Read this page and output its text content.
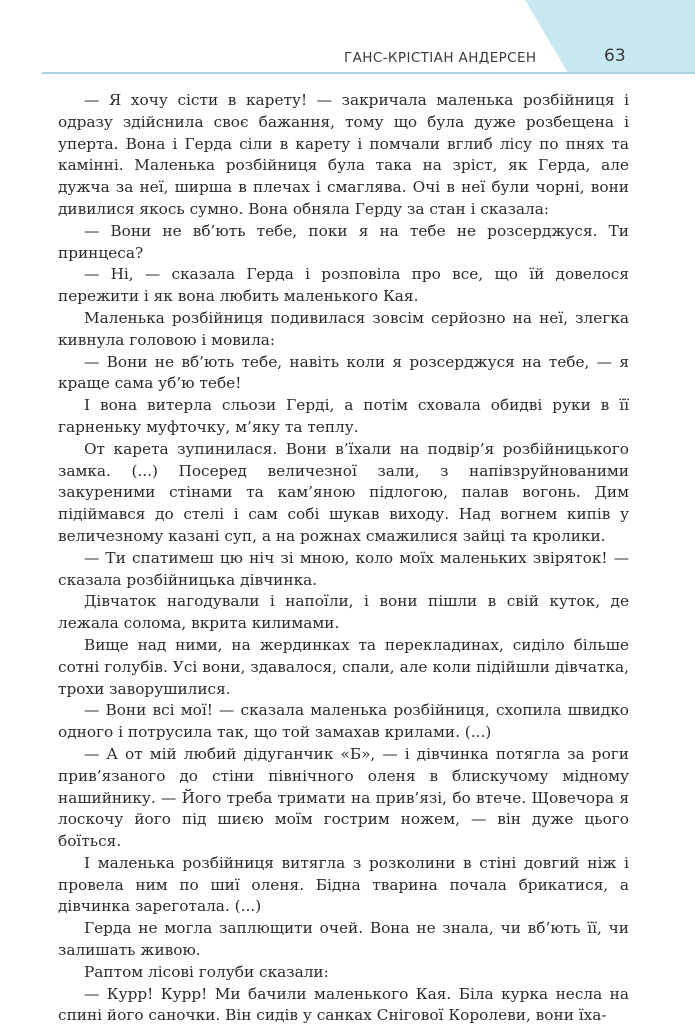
ГАНС-КРІСТІАН АНДЕРСЕН	63

— Я хочу сісти в карету! — закричала маленька розбійниця і одразу здійснила своє бажання, тому що була дуже розбещена і уперта. Вона і Герда сіли в карету і помчали вглиб лісу по пнях та камінні. Маленька розбійниця була така на зріст, як Герда, але дужча за неї, ширша в плечах і смаглява. Очі в неї були чорні, вони дивилися якось сумно. Вона обняла Герду за стан і сказала:

— Вони не вб’ють тебе, поки я на тебе не розсерджуся. Ти принцеса?

— Ні, — сказала Герда і розповіла про все, що їй довелося пережити і як вона любить маленького Кая.

Маленька розбійниця подивилася зовсім серйозно на неї, злегка кивнула головою і мовила:

— Вони не вб’ють тебе, навіть коли я розсерджуся на тебе, — я краще сама уб’ю тебе!

І вона витерла сльози Герді, а потім сховала обидві руки в її гарненьку муфточку, м’яку та теплу.

От карета зупинилася. Вони в’їхали на подвір’я розбійницького замка. (...) Посеред величезної зали, з напівзруйнованими закуреними стінами та кам’яною підлогою, палав вогонь. Дим підіймався до стелі і сам собі шукав виходу. Над вогнем кипів у величезному казані суп, а на рожнах смажилися зайці та кролики.

— Ти спатимеш цю ніч зі мною, коло моїх маленьких звіряток! — сказала розбійницька дівчинка.

Дівчаток нагодували і напоїли, і вони пішли в свій куток, де лежала солома, вкрита килимами.

Вище над ними, на жердинках та перекладинах, сиділо більше сотні голубів. Усі вони, здавалося, спали, але коли підійшли дівчатка, трохи заворушилися.

— Вони всі мої! — сказала маленька розбійниця, схопила швидко одного і потрусила так, що той замахав крилами. (...)

— А от мій любий дідуганчик «Б», — і дівчинка потягла за роги прив’язаного до стіни північного оленя в блискучому мідному нашийнику. — Його треба тримати на прив’язі, бо втече. Щовечора я лоскочу його під шиєю моїм гострим ножем, — він дуже цього боїться.

І маленька розбійниця витягла з розколини в стіні довгий ніж і провела ним по шиї оленя. Бідна тварина почала брикатися, а дівчинка зареготала. (...)

Герда не могла заплющити очей. Вона не знала, чи вб’ють її, чи залишать живою.

Раптом лісові голуби сказали:

— Курр! Курр! Ми бачили маленького Кая. Біла курка несла на спині його саночки. Він сидів у санках Снігової Королеви, вони їха-
